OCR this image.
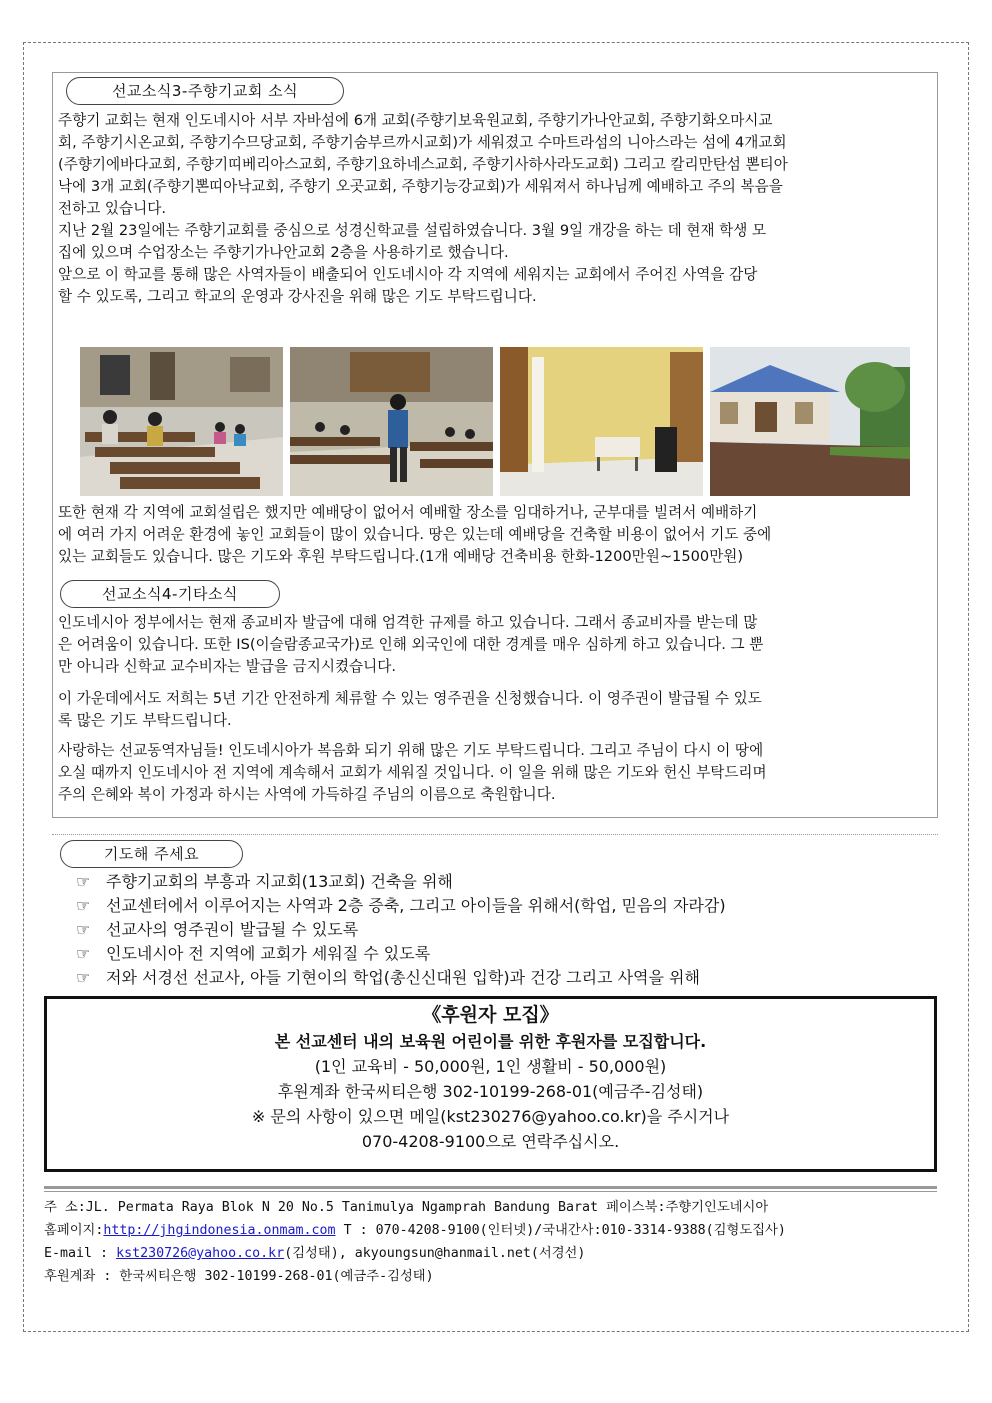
선교소식3-주향기교회 소식
주향기 교회는 현재 인도네시아 서부 자바섬에 6개 교회(주향기보육원교회, 주향기가나안교회, 주향기화오마시교
회, 주향기시온교회, 주향기수므당교회, 주향기숨부르까시교회)가 세워졌고 수마트라섬의 니아스라는 섬에 4개교회
(주향기에바다교회, 주향기띠베리아스교회, 주향기요하네스교회, 주향기사하사라도교회) 그리고 칼리만탄섬 뽄티아
낙에 3개 교회(주향기뽄띠아낙교회, 주향기 오곳교회, 주향기능강교회)가 세워져서 하나님께 예배하고 주의 복음을
전하고 있습니다.
지난 2월 23일에는 주향기교회를 중심으로 성경신학교를 설립하였습니다. 3월 9일 개강을 하는 데 현재 학생 모
집에 있으며 수업장소는 주향기가나안교회 2층을 사용하기로 했습니다.
앞으로 이 학교를 통해 많은 사역자들이 배출되어 인도네시아 각 지역에 세워지는 교회에서 주어진 사역을 감당
할 수 있도록, 그리고 학교의 운영과 강사진을 위해 많은 기도 부탁드립니다.
또한 현재 각 지역에 교회설립은 했지만 예배당이 없어서 예배할 장소를 임대하거나, 군부대를 빌려서 예배하기
에 여러 가지 어려운 환경에 놓인 교회들이 많이 있습니다. 땅은 있는데 예배당을 건축할 비용이 없어서 기도 중에
있는 교회들도 있습니다. 많은 기도와 후원 부탁드립니다.(1개 예배당 건축비용 한화-1200만원~1500만원)
선교소식4-기타소식
인도네시아 정부에서는 현재 종교비자 발급에 대해 엄격한 규제를 하고 있습니다. 그래서 종교비자를 받는데 많
은 어려움이 있습니다. 또한 IS(이슬람종교국가)로 인해 외국인에 대한 경계를 매우 심하게 하고 있습니다. 그 뿐
만 아니라 신학교 교수비자는 발급을 금지시켰습니다.
이 가운데에서도 저희는 5년 기간 안전하게 체류할 수 있는 영주권을 신청했습니다. 이 영주권이 발급될 수 있도
록 많은 기도 부탁드립니다.
사랑하는 선교동역자님들! 인도네시아가 복음화 되기 위해 많은 기도 부탁드립니다. 그리고 주님이 다시 이 땅에
오실 때까지 인도네시아 전 지역에 계속해서 교회가 세워질 것입니다. 이 일을 위해 많은 기도와 헌신 부탁드리며
주의 은혜와 복이 가정과 하시는 사역에 가득하길 주님의 이름으로 축원합니다.
기도해 주세요
☞ 주향기교회의 부흥과 지교회(13교회) 건축을 위해
☞ 선교센터에서 이루어지는 사역과 2층 증축, 그리고 아이들을 위해서(학업, 믿음의 자라감)
☞ 선교사의 영주권이 발급될 수 있도록
☞ 인도네시아 전 지역에 교회가 세워질 수 있도록
☞ 저와 서경선 선교사, 아들 기현이의 학업(총신신대원 입학)과 건강 그리고 사역을 위해
《후원자 모집》
본 선교센터 내의 보육원 어린이를 위한 후원자를 모집합니다.
(1인 교육비 - 50,000원, 1인 생활비 - 50,000원)
후원계좌 한국씨티은행 302-10199-268-01(예금주-김성태)
※ 문의 사항이 있으면 메일(kst230276@yahoo.co.kr)을 주시거나
070-4208-9100으로 연락주십시오.
주 소:JL. Permata Raya Blok N 20 No.5 Tanimulya Ngamprah Bandung Barat 페이스북:주향기인도네시아
홈페이지:http://jhgindonesia.onmam.com T : 070-4208-9100(인터넷)/국내간사:010-3314-9388(김형도집사)
E-mail : kst230726@yahoo.co.kr(김성태), akyoungsun@hanmail.net(서경선)
후원계좌 : 한국씨티은행 302-10199-268-01(예금주-김성태)
